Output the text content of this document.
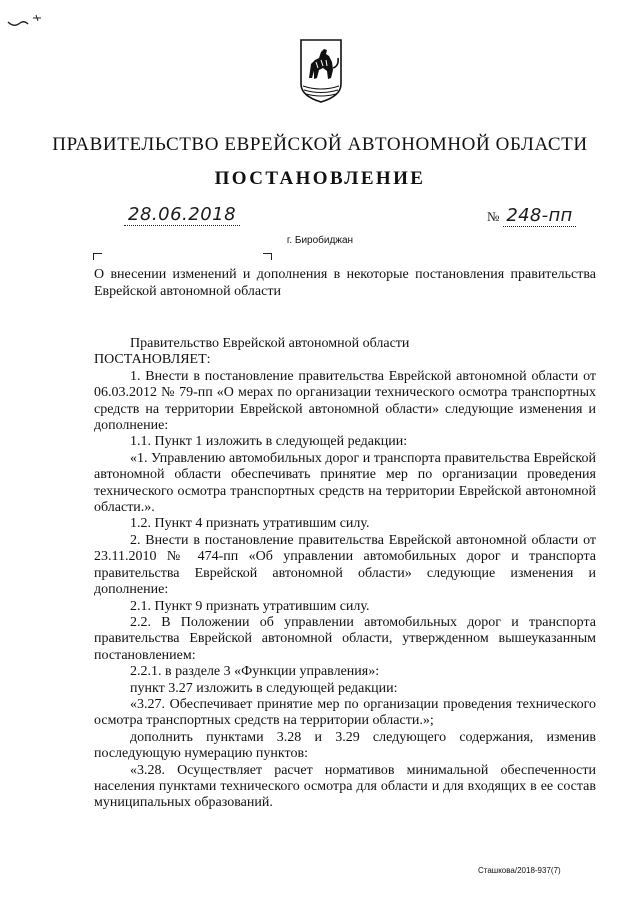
ПРАВИТЕЛЬСТВО ЕВРЕЙСКОЙ АВТОНОМНОЙ ОБЛАСТИ
ПОСТАНОВЛЕНИЕ
28.06.2018	№ 248-пп
г. Биробиджан
О внесении изменений и дополнения в некоторые постановления правительства Еврейской автономной области

Правительство Еврейской автономной области

ПОСТАНОВЛЯЕТ:

1. Внести в постановление правительства Еврейской автономной области от 06.03.2012 № 79-пп «О мерах по организации технического осмотра транспортных средств на территории Еврейской автономной области» следующие изменения и дополнение:

1.1. Пункт 1 изложить в следующей редакции:

«1. Управлению автомобильных дорог и транспорта правительства Еврейской автономной области обеспечивать принятие мер по организации проведения технического осмотра транспортных средств на территории Еврейской автономной области.».

1.2. Пункт 4 признать утратившим силу.

2. Внести в постановление правительства Еврейской автономной области от 23.11.2010 № 474-пп «Об управлении автомобильных дорог и транспорта правительства Еврейской автономной области» следующие изменения и дополнение:

2.1. Пункт 9 признать утратившим силу.

2.2. В Положении об управлении автомобильных дорог и транспорта правительства Еврейской автономной области, утвержденном вышеуказанным постановлением:

2.2.1. в разделе 3 «Функции управления»:

пункт 3.27 изложить в следующей редакции:

«3.27. Обеспечивает принятие мер по организации проведения технического осмотра транспортных средств на территории области.»;

дополнить пунктами 3.28 и 3.29 следующего содержания, изменив последующую нумерацию пунктов:

«3.28. Осуществляет расчет нормативов минимальной обеспеченности населения пунктами технического осмотра для области и для входящих в ее состав муниципальных образований.

Сташкова/2018-937(7)
